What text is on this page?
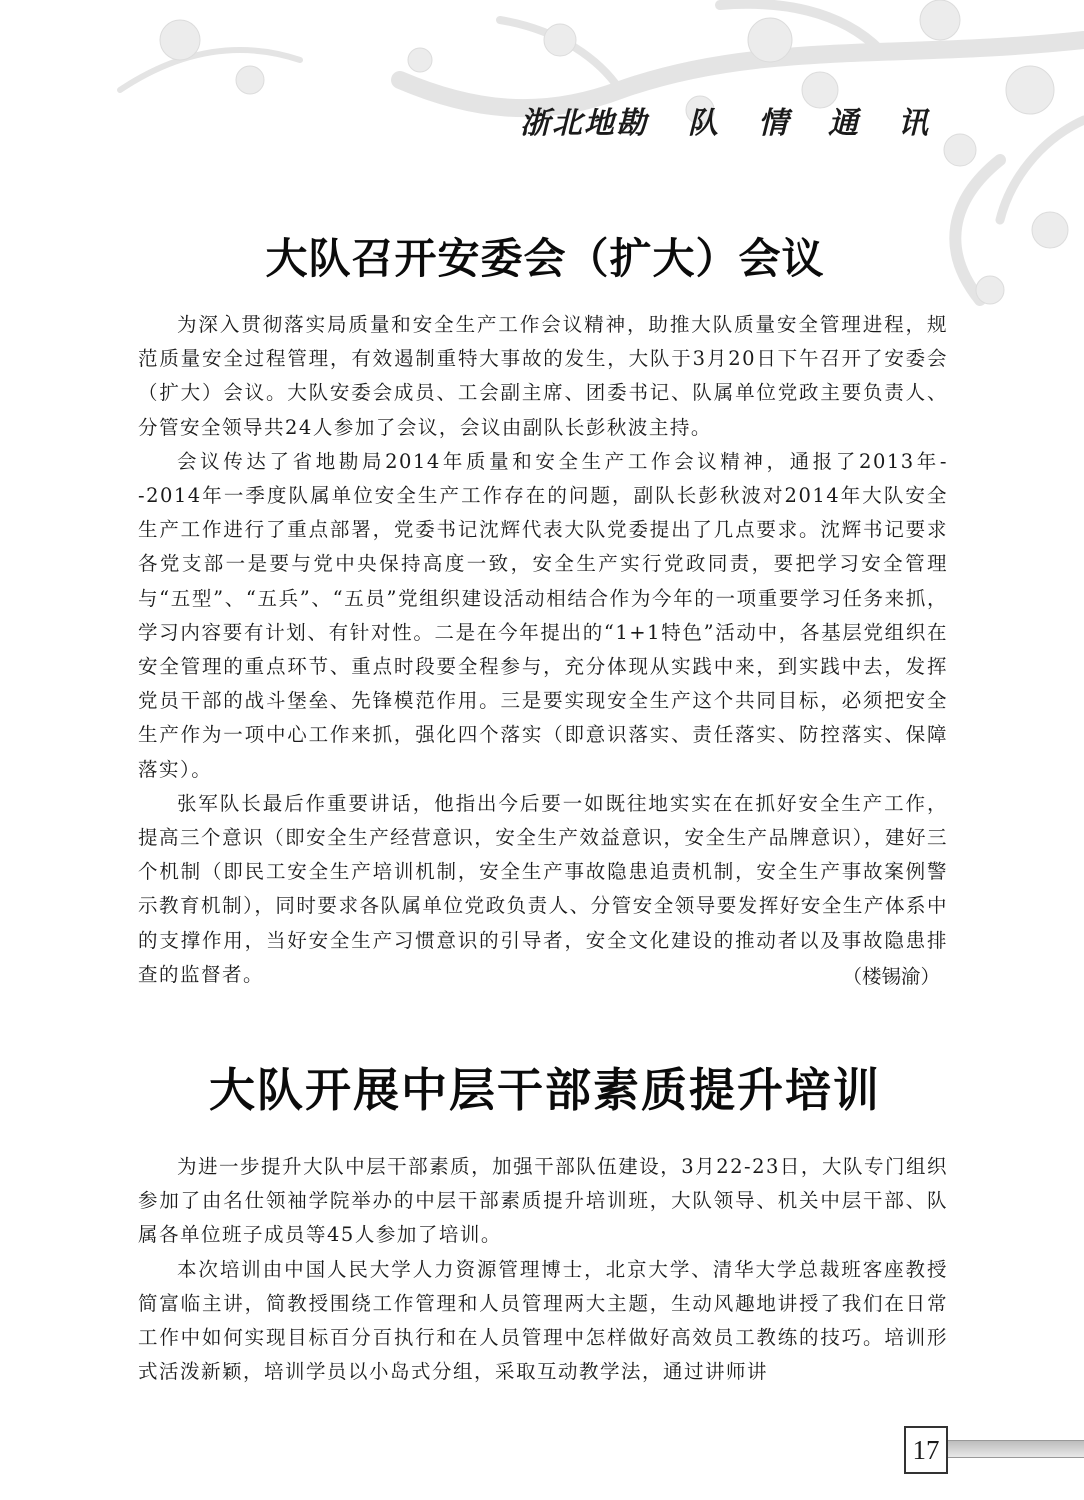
浙北地勘 队 情 通 讯
大队召开安委会（扩大）会议

为深入贯彻落实局质量和安全生产工作会议精神，助推大队质量安全管理进程，规范质量安全过程管理，有效遏制重特大事故的发生，大队于3月20日下午召开了安委会（扩大）会议。大队安委会成员、工会副主席、团委书记、队属单位党政主要负责人、分管安全领导共24人参加了会议，会议由副队长彭秋波主持。

会议传达了省地勘局2014年质量和安全生产工作会议精神，通报了2013年--2014年一季度队属单位安全生产工作存在的问题，副队长彭秋波对2014年大队安全生产工作进行了重点部署，党委书记沈辉代表大队党委提出了几点要求。沈辉书记要求各党支部一是要与党中央保持高度一致，安全生产实行党政同责，要把学习安全管理与“五型”、“五兵”、“五员”党组织建设活动相结合作为今年的一项重要学习任务来抓，学习内容要有计划、有针对性。二是在今年提出的“1+1特色”活动中，各基层党组织在安全管理的重点环节、重点时段要全程参与，充分体现从实践中来，到实践中去，发挥党员干部的战斗堡垒、先锋模范作用。三是要实现安全生产这个共同目标，必须把安全生产作为一项中心工作来抓，强化四个落实（即意识落实、责任落实、防控落实、保障落实）。

张军队长最后作重要讲话，他指出今后要一如既往地实实在在抓好安全生产工作，提高三个意识（即安全生产经营意识，安全生产效益意识，安全生产品牌意识），建好三个机制（即民工安全生产培训机制，安全生产事故隐患追责机制，安全生产事故案例警示教育机制），同时要求各队属单位党政负责人、分管安全领导要发挥好安全生产体系中的支撑作用，当好安全生产习惯意识的引导者，安全文化建设的推动者以及事故隐患排查的监督者。	（楼锡渝）
大队开展中层干部素质提升培训

为进一步提升大队中层干部素质，加强干部队伍建设，3月22-23日，大队专门组织参加了由名仕领袖学院举办的中层干部素质提升培训班，大队领导、机关中层干部、队属各单位班子成员等45人参加了培训。

本次培训由中国人民大学人力资源管理博士，北京大学、清华大学总裁班客座教授简富临主讲，简教授围绕工作管理和人员管理两大主题，生动风趣地讲授了我们在日常工作中如何实现目标百分百执行和在人员管理中怎样做好高效员工教练的技巧。培训形式活泼新颖，培训学员以小岛式分组，采取互动教学法，通过讲师讲

17
